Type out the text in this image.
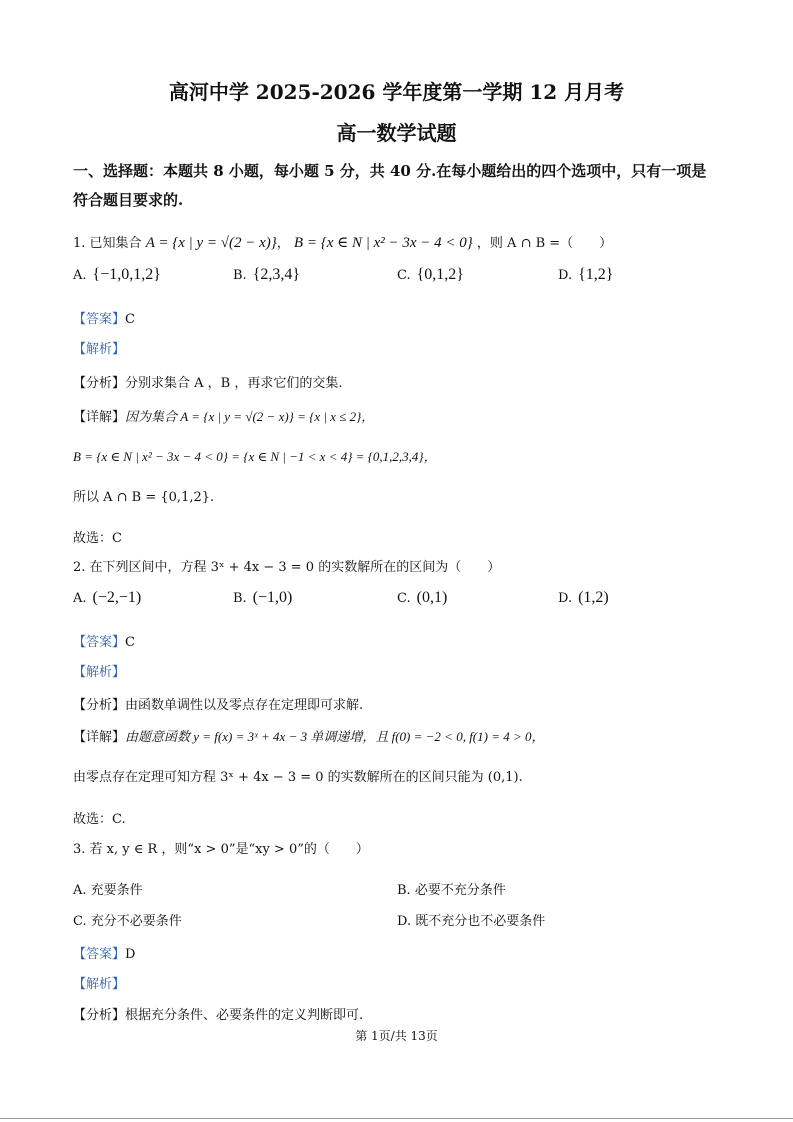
高河中学 2025-2026 学年度第一学期 12 月月考
高一数学试题
一、选择题：本题共 8 小题，每小题 5 分，共 40 分.在每小题给出的四个选项中，只有一项是
符合题目要求的.
1. 已知集合 A = {x | y = √(2 − x)}， B = {x ∈ N | x² − 3x − 4 < 0} ，则 A ∩ B =（　　）
A. {−1,0,1,2}	B. {2,3,4}	C. {0,1,2}	D. {1,2}
【答案】C
【解析】
【分析】分别求集合 A ，B ，再求它们的交集.
【详解】因为集合 A = {x | y = √(2 − x)} = {x | x ≤ 2}，
B = {x ∈ N | x² − 3x − 4 < 0} = {x ∈ N | −1 < x < 4} = {0,1,2,3,4}，
所以 A ∩ B = {0,1,2}.
故选：C
2. 在下列区间中，方程 3ˣ + 4x − 3 = 0 的实数解所在的区间为（　　）
A. (−2,−1)	B. (−1,0)	C. (0,1)	D. (1,2)
【答案】C
【解析】
【分析】由函数单调性以及零点存在定理即可求解.
【详解】由题意函数 y = f(x) = 3ˣ + 4x − 3 单调递增，且 f(0) = −2 < 0, f(1) = 4 > 0，
由零点存在定理可知方程 3ˣ + 4x − 3 = 0 的实数解所在的区间只能为 (0,1).
故选：C.
3. 若 x, y ∈ R ，则“x > 0”是“xy > 0”的（　　）
A. 充要条件	B. 必要不充分条件
C. 充分不必要条件	D. 既不充分也不必要条件
【答案】D
【解析】
【分析】根据充分条件、必要条件的定义判断即可.
第 1页/共 13页
